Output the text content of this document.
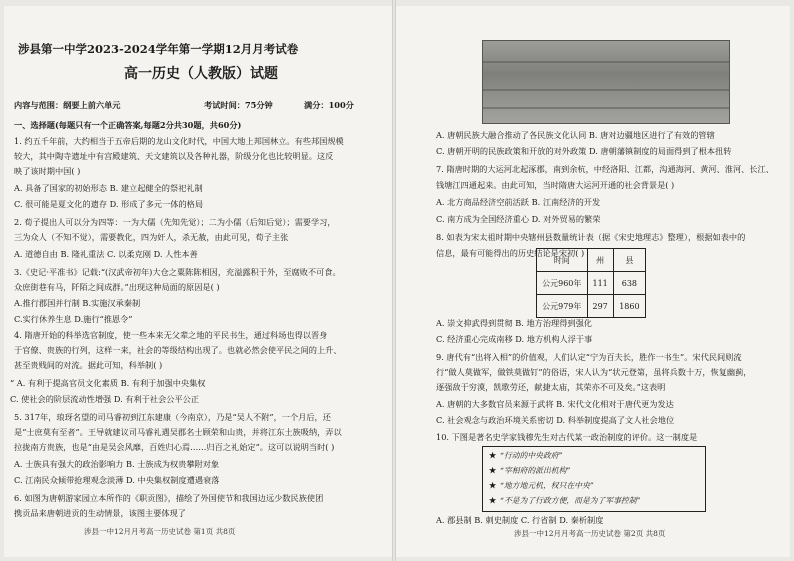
涉县第一中学2023-2024学年第一学期12月月考试卷
高一历史（人教版）试题
内容与范围：纲要上前六单元	考试时间：75分钟	满分：100分
一、选择题(每题只有一个正确答案,每题2分共30题，共60分)
1. 约五千年前，大约相当于五帝后期的龙山文化时代，中国大地上邦国林立。有些邦国规模
较大，其中陶寺遗址中有宫殿建筑、天文建筑以及各种礼器，阶级分化也比较明显。这反
映了该时期中国( )
A. 具备了国家的初始形态 B. 建立起健全的祭祀礼制
C. 很可能是夏文化的遗存 D. 形成了多元一体的格局
2. 荀子提出人可以分为四等：一为大儒（先知先觉）；二为小儒（后知后觉）；需要学习，
三为众人（不知不觉），需要教化，四为奸人，杀无赦，由此可见，荀子主张
A. 道德自由 B. 隆礼重法 C. 以柔克刚 D. 人性本善
3.《史记·平准书》记载:“(汉武帝初年)大仓之粟陈陈相因，充溢露积于外，至腐败不可食。
众庶街巷有马，阡陌之间成群。”出现这种局面的原因是( )
A.推行郡国并行制 B.实施汉承秦制
C.实行休养生息 D.施行“推恩令”
4. 隋唐开始的科举选官制度，使一些本来无父辈之地的平民书生，通过科场也得以晋身
于官僚、贵族的行列，这样一来，社会的等级结构出现了。也就必然会使平民之间的上升、
甚至贵贱间的对流。据此可知，科举制( )
“ A. 有利于提高官员文化素质 B. 有利于加强中央集权
C. 使社会的阶层流动性增强 D. 有利于社会公平公正
5. 317年，琅玡名望的司马睿初到江东建康（今南京），乃是“吴人不附”，一个月后，还
是“士庶莫有至者”。王导就建议司马睿礼遇吴郡名士顾荣和山贵，并将江东土族吸纳，弄以
拉拢南方贵族，也是“由是吴会风靡，百姓归心焉……归百之礼始定”。这可以说明当时( )
A. 士族具有强大的政治影响力 B. 士族成为权贵攀附对象
C. 江南民众倾带抢理观念淡薄 D. 中央集权制度遭遇衰落
6. 如图为唐朝游家园立本所作的《职贡图》，描绘了外国使节和我国边远少数民族使团
携贡品来唐朝进贡的生动情景，该图主要体现了
涉县一中12月月考高一历史试卷 第1页 共8页
A. 唐朝民族大融合推动了各民族文化认同 B. 唐对边疆地区进行了有效的管辖
C. 唐朝开明的民族政策和开放的对外政策 D. 唐朝藩镇制度的局面得到了根本扭转
7. 隋唐时期的大运河北起涿郡，南到余杭，中经洛阳、江都，沟通海河、黄河、淮河、长江、
钱塘江四通起来。由此可知，当时隋唐大运河开通的社会背景是( )
A. 北方商品经济空前活跃 B. 江南经济的开发
C. 南方成为全国经济重心 D. 对外贸易的繁荣
8. 如表为宋太祖时期中央辖州县数量统计表（据《宋史地理志》整理），根据如表中的
信息，最有可能得出的历史结论是宋初( )
时间	州	县
公元960年	111	638
公元979年	297	1860
A. 崇文抑武得到贯彻 B. 地方治理得到强化
C. 经济重心完成南移 D. 地方机构人浮于事
9. 唐代有“出将入相”的价值观，人们认定“宁为百夫长，胜作一书生”。宋代民间则流
行“做人莫做军，做铁莫做钉”的俗语，宋人认为“状元登第，虽将兵数十万，恢复幽蓟，
逐强敌于穷漠，凯歌劳还，献捷太庙，其荣亦不可及矣。”这表明
A. 唐朝的大多数官员来源于武将 B. 宋代文化相对于唐代更为发达
C. 社会观念与政治环境关系密切 D. 科举制度提高了文人社会地位
10. 下图是著名史学家钱穆先生对古代某一政治制度的评价。这一制度是
★ “行动的中央政府”
★ “宰相府的派出机构”
★ “地方地元机，权只在中央”
★ “不是为了行政方便，而是为了军事控制”
A. 郡县制 B. 刺史制度 C. 行省制 D. 秦析制度
涉县一中12月月考高一历史试卷 第2页 共8页
